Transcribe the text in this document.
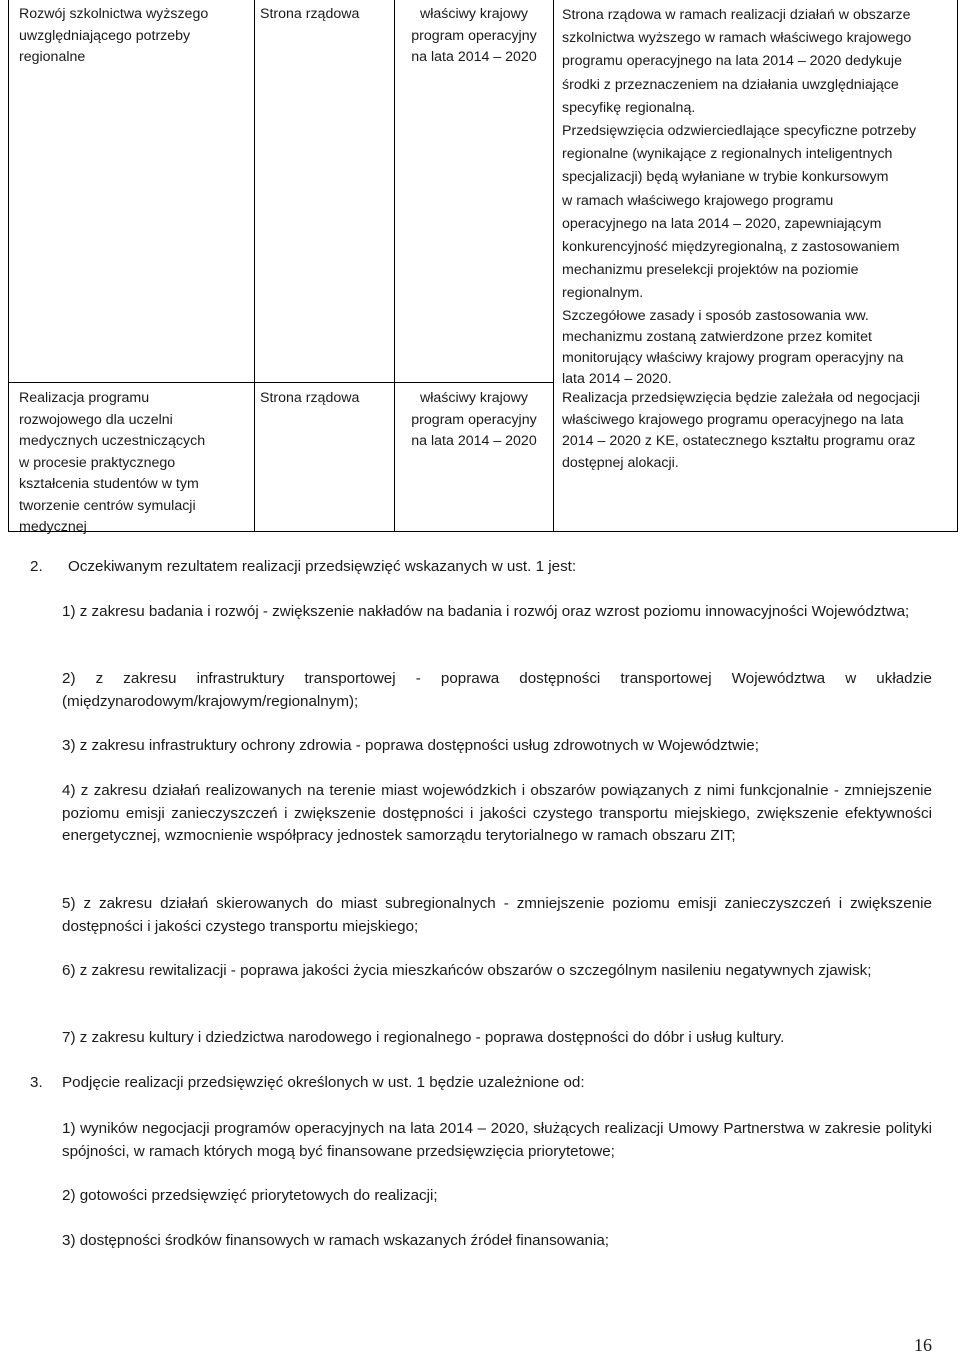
Rozwój szkolnictwa wyższego
uwzględniającego potrzeby
regionalne
Strona rządowa	właściwy krajowy
program operacyjny
na lata 2014 – 2020

Strona rządowa w ramach realizacji działań w obszarze

szkolnictwa wyższego w ramach właściwego krajowego

programu operacyjnego na lata 2014 – 2020 dedykuje

środki z przeznaczeniem na działania uwzględniające

specyfikę regionalną.

Przedsięwzięcia odzwierciedlające specyficzne potrzeby

regionalne (wynikające z regionalnych inteligentnych

specjalizacji) będą wyłaniane w trybie konkursowym

w ramach właściwego krajowego programu

operacyjnego na lata 2014 – 2020, zapewniającym

konkurencyjność międzyregionalną, z zastosowaniem

mechanizmu preselekcji projektów na poziomie

regionalnym.

Szczegółowe zasady i sposób zastosowania ww.

mechanizmu zostaną zatwierdzone przez komitet

monitorujący właściwy krajowy program operacyjny na

lata 2014 – 2020.

Realizacja programu
rozwojowego dla uczelni
medycznych uczestniczących
w procesie praktycznego
kształcenia studentów w tym
tworzenie centrów symulacji
medycznej
Strona rządowa	właściwy krajowy
program operacyjny
na lata 2014 – 2020

Realizacja przedsięwzięcia będzie zależała od negocjacji

właściwego krajowego programu operacyjnego na lata

2014 – 2020 z KE, ostatecznego kształtu programu oraz

dostępnej alokacji.

2. Oczekiwanym rezultatem realizacji przedsięwzięć wskazanych w ust. 1 jest:
1) z zakresu badania i rozwój - zwiększenie nakładów na badania i rozwój oraz wzrost poziomu innowacyjności Województwa;
2) z zakresu infrastruktury transportowej - poprawa dostępności transportowej Województwa w układzie (międzynarodowym/krajowym/regionalnym);
3) z zakresu infrastruktury ochrony zdrowia - poprawa dostępności usług zdrowotnych w Województwie;
4) z zakresu działań realizowanych na terenie miast wojewódzkich i obszarów powiązanych z nimi funkcjonalnie - zmniejszenie poziomu emisji zanieczyszczeń i zwiększenie dostępności i jakości czystego transportu miejskiego, zwiększenie efektywności energetycznej, wzmocnienie współpracy jednostek samorządu terytorialnego w ramach obszaru ZIT;
5) z zakresu działań skierowanych do miast subregionalnych - zmniejszenie poziomu emisji zanieczyszczeń i zwiększenie dostępności i jakości czystego transportu miejskiego;
6) z zakresu rewitalizacji - poprawa jakości życia mieszkańców obszarów o szczególnym nasileniu negatywnych zjawisk;
7) z zakresu kultury i dziedzictwa narodowego i regionalnego - poprawa dostępności do dóbr i usług kultury.
3. Podjęcie realizacji przedsięwzięć określonych w ust. 1 będzie uzależnione od:
1) wyników negocjacji programów operacyjnych na lata 2014 – 2020, służących realizacji Umowy Partnerstwa w zakresie polityki spójności, w ramach których mogą być finansowane przedsięwzięcia priorytetowe;
2) gotowości przedsięwzięć priorytetowych do realizacji;
3) dostępności środków finansowych w ramach wskazanych źródeł finansowania;
16
